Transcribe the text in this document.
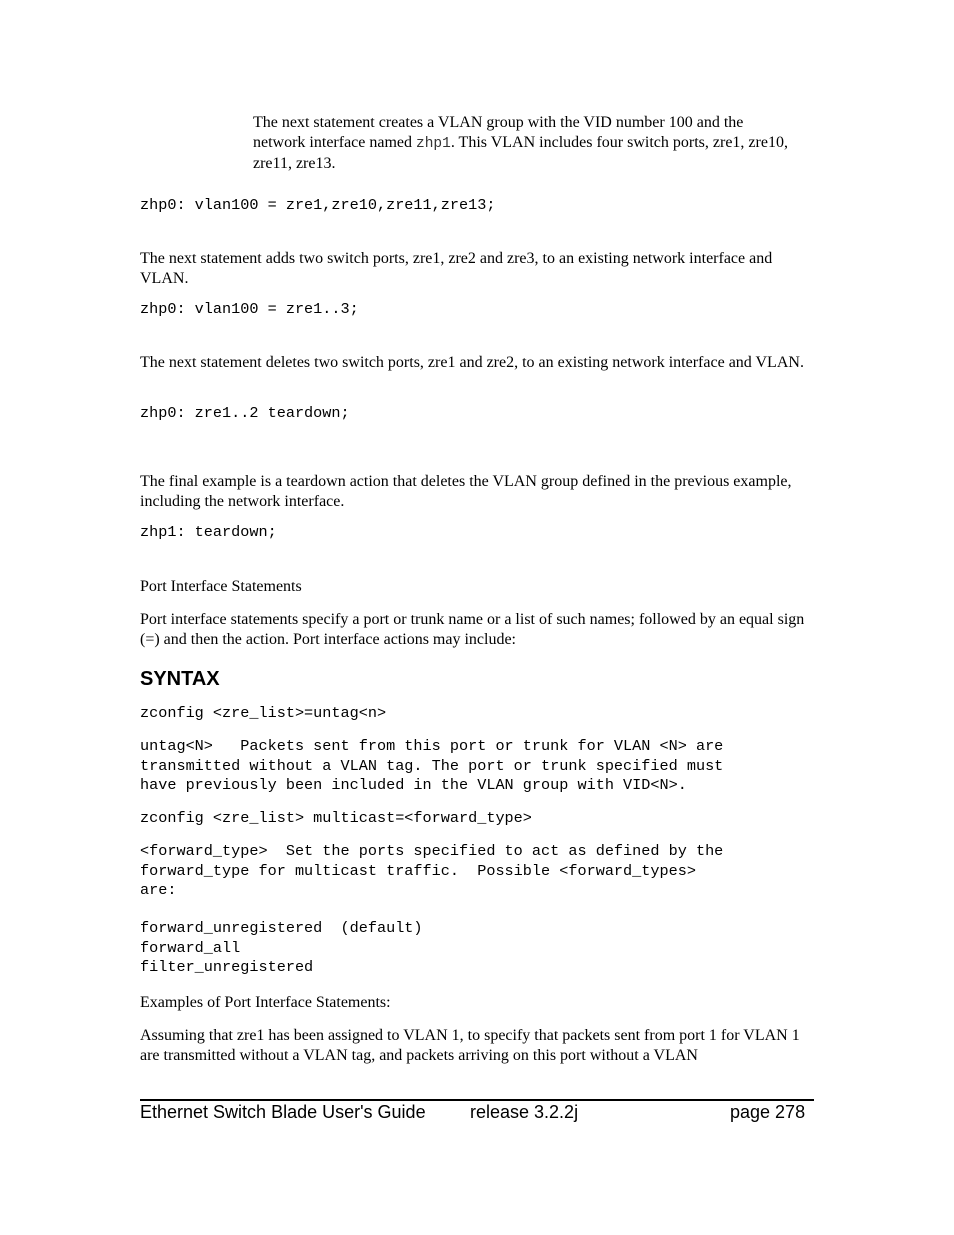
The next statement creates a VLAN group with the VID number 100 and the network interface named zhp1. This VLAN includes four switch ports, zre1, zre10, zre11, zre13.
zhp0: vlan100 = zre1,zre10,zre11,zre13;
The next statement adds two switch ports, zre1, zre2 and zre3, to an existing network interface and VLAN.
zhp0: vlan100 = zre1..3;
The next statement deletes two switch ports, zre1 and zre2, to an existing network interface and VLAN.
zhp0: zre1..2 teardown;
The final example is a teardown action that deletes the VLAN group defined in the previous example, including the network interface.
zhp1: teardown;
Port Interface Statements
Port interface statements specify a port or trunk name or a list of such names; followed by an equal sign (=) and then the action. Port interface actions may include:
SYNTAX
zconfig <zre_list>=untag<n>
untag<N>   Packets sent from this port or trunk for VLAN <N> are
transmitted without a VLAN tag. The port or trunk specified must
have previously been included in the VLAN group with VID<N>.
zconfig <zre_list> multicast=<forward_type>
<forward_type>  Set the ports specified to act as defined by the
forward_type for multicast traffic.  Possible <forward_types>
are:
forward_unregistered  (default)
forward_all
filter_unregistered
Examples of Port Interface Statements:
Assuming that zre1 has been assigned to VLAN 1, to specify that packets sent from port 1 for VLAN 1 are transmitted without a VLAN tag, and packets arriving on this port without a VLAN
Ethernet Switch Blade User's Guide release 3.2.2j	page 278
